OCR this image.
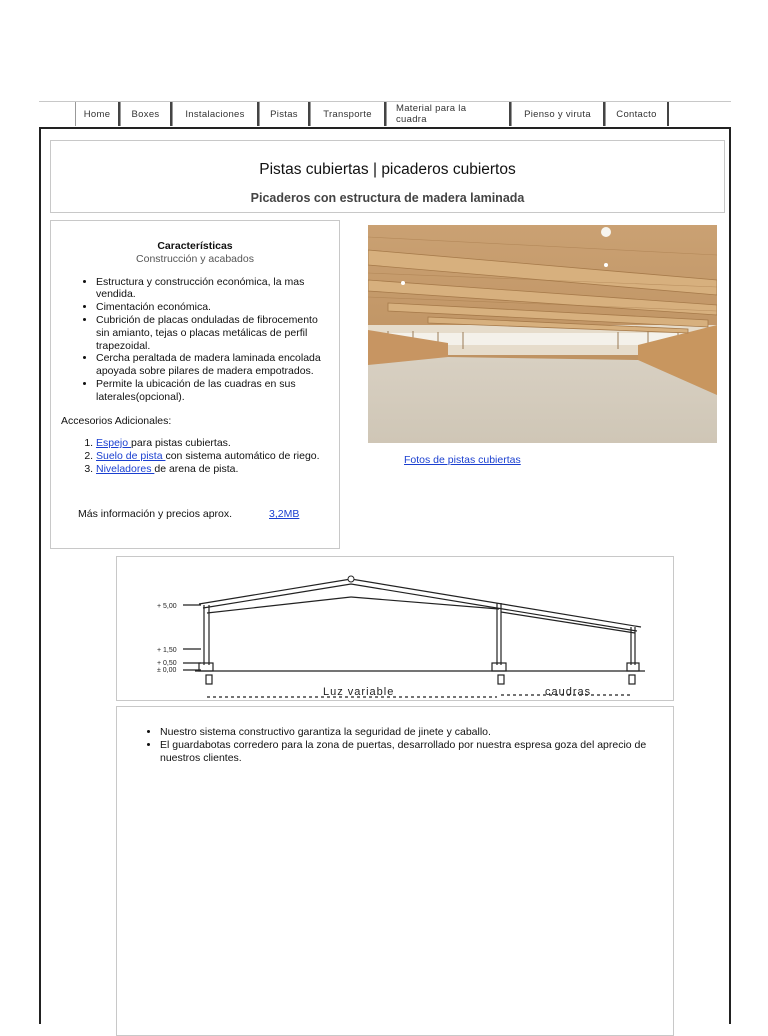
Home	Boxes	Instalaciones	Pistas	Transporte	Material para la cuadra	Pienso y viruta	Contacto
Pistas cubiertas | picaderos cubiertos
Picaderos con estructura de madera laminada
Características
Construcción y acabados
• Estructura y construcción económica, la mas vendida.
• Cimentación económica.
• Cubrición de placas onduladas de fibrocemento sin amianto, tejas o placas metálicas de perfil trapezoidal.
• Cercha peraltada de madera laminada encolada apoyada sobre pilares de madera empotrados.
• Permite la ubicación de las cuadras en sus laterales(opcional).
Accesorios Adicionales:
1. Espejo para pistas cubiertas.
2. Suelo de pista con sistema automático de riego.
3. Niveladores de arena de pista.
Más información y precios aprox.	3,2MB
Fotos de pistas cubiertas
+ 5,00
+ 1,50
+ 0,50
± 0,00
Luz variable	caudras
• Nuestro sistema constructivo garantiza la seguridad de jinete y caballo.
• El guardabotas corredero para la zona de puertas, desarrollado por nuestra espresa goza del aprecio de nuestros clientes.
